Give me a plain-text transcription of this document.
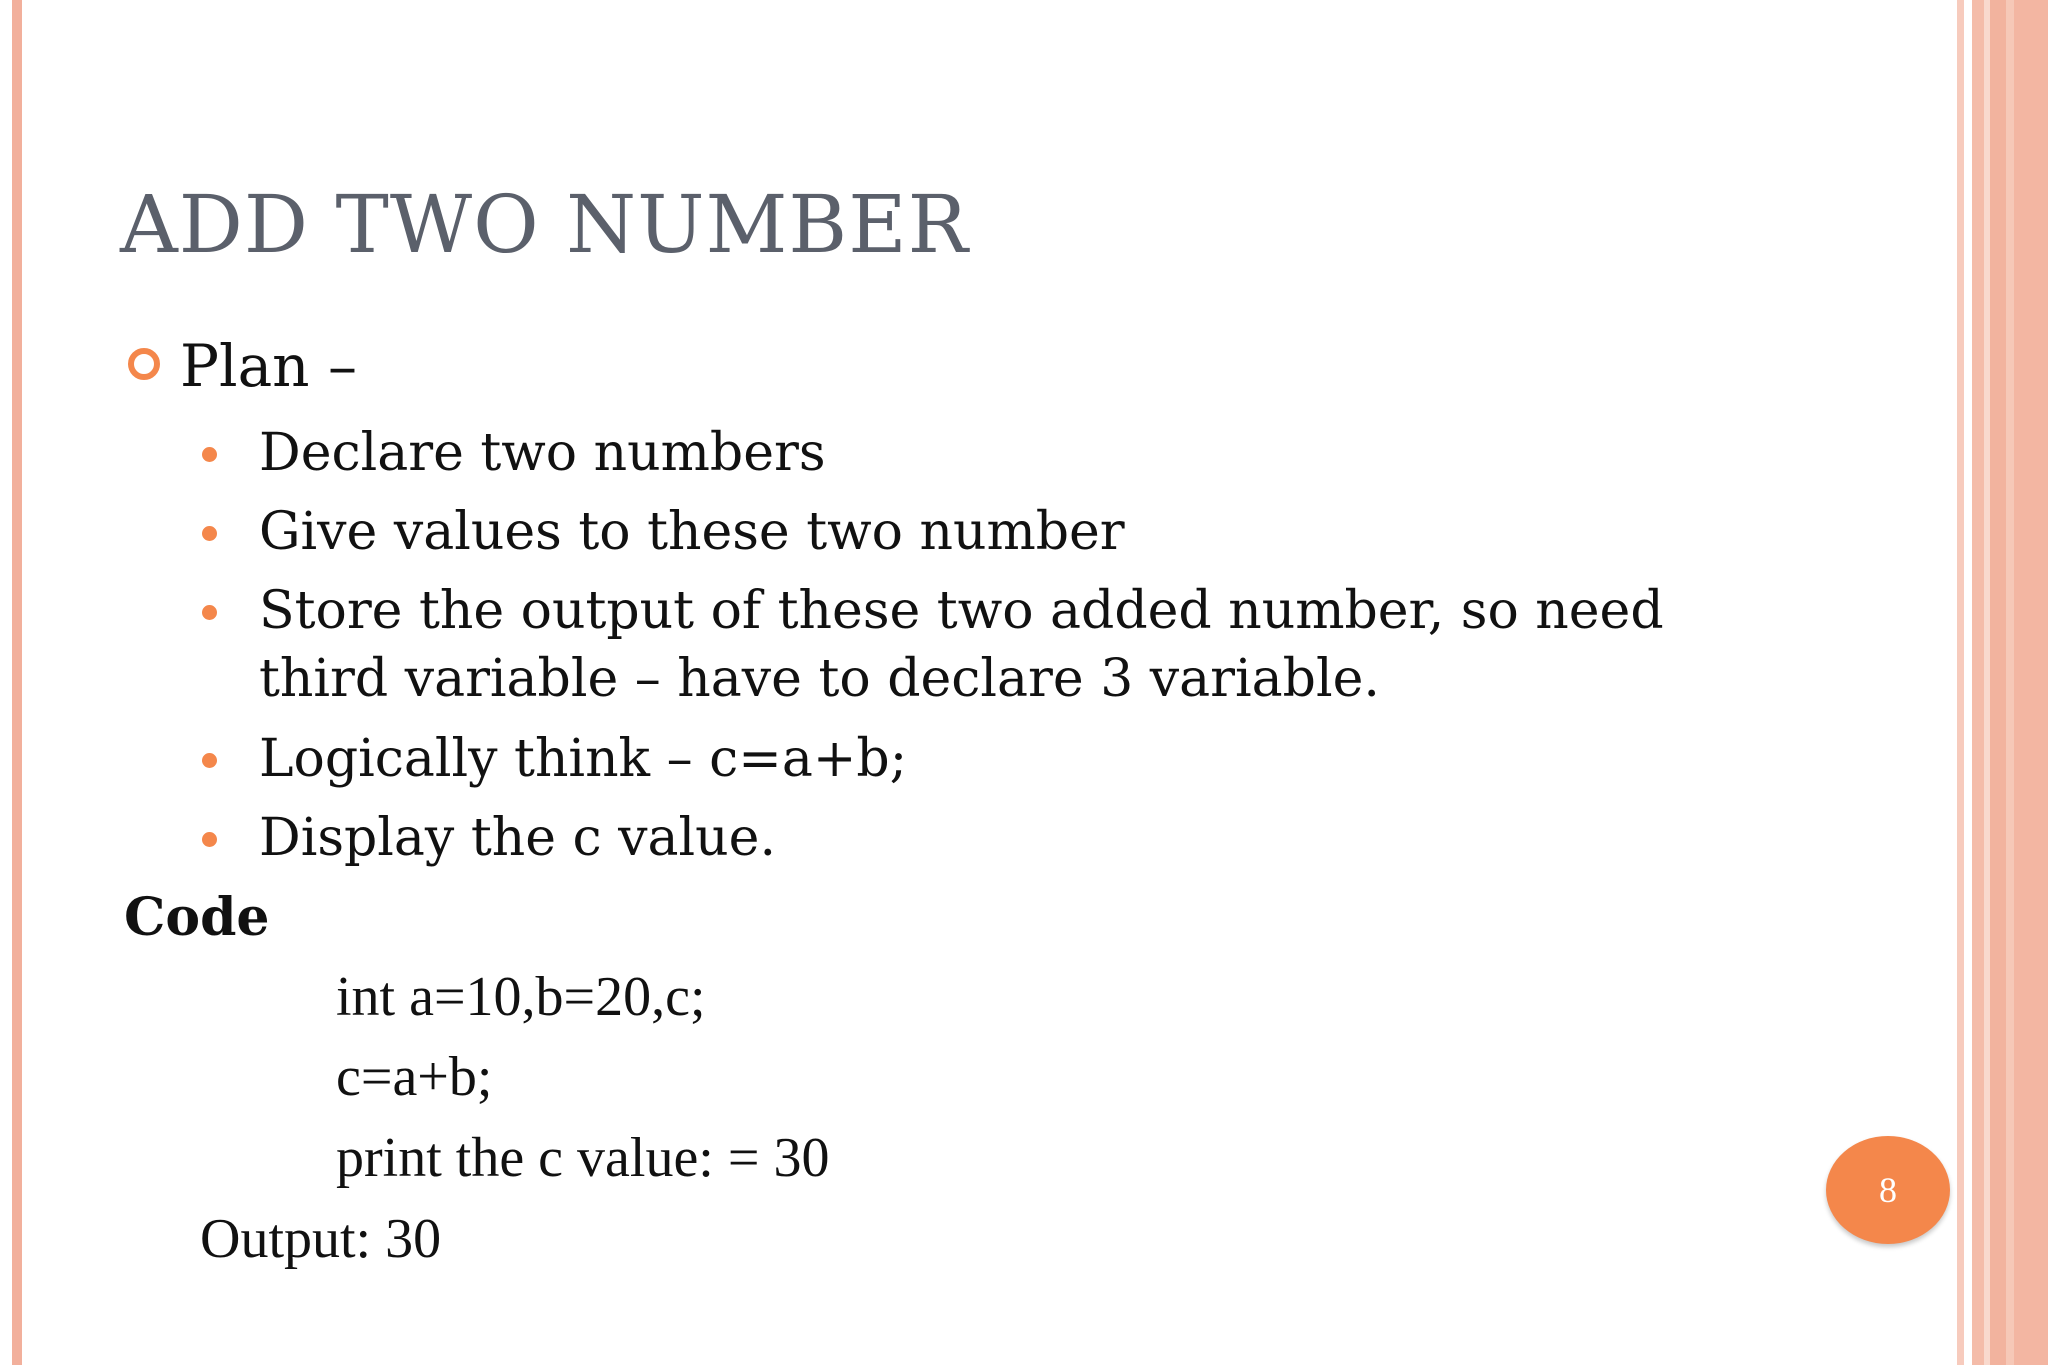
ADD TWO NUMBER
Plan –
Declare two numbers
Give values to these two number
Store the output of these two added number, so need
third variable – have to declare 3 variable.
Logically think – c=a+b;
Display the c value.
Code
int a=10,b=20,c;
c=a+b;
print the c value: = 30
Output: 30
8
